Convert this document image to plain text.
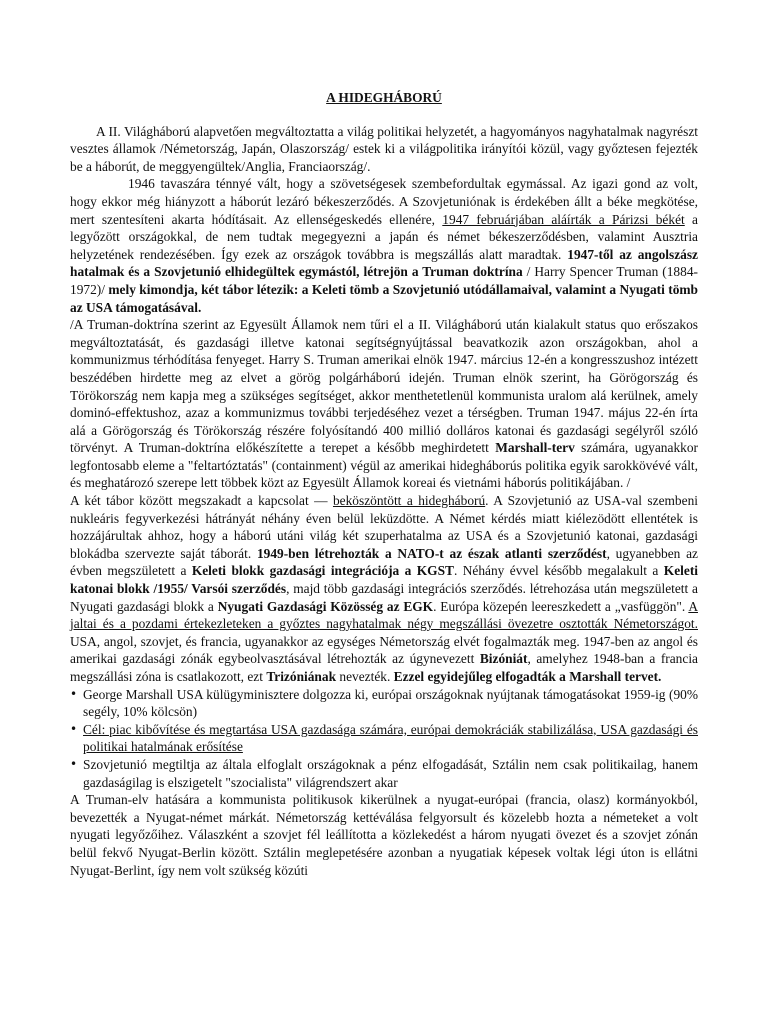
A HIDEGHÁBORÚ

A II. Világháború alapvetően megváltoztatta a világ politikai helyzetét, a hagyományos nagyhatalmak nagyrészt vesztes államok /Németország, Japán, Olaszország/ estek ki a világpolitika irányítói közül, vagy győztesen fejezték be a háborút, de meggyengültek/Anglia, Franciaország/.

1946 tavaszára ténnyé vált, hogy a szövetségesek szembefordultak egymással. Az igazi gond az volt, hogy ekkor még hiányzott a háborút lezáró békeszerződés. A Szovjetuniónak is érdekében állt a béke megkötése, mert szentesíteni akarta hódításait. Az ellenségeskedés ellenére, 1947 februárjában aláírták a Párizsi békét a legyőzött országokkal, de nem tudtak megegyezni a japán és német békeszerződésben, valamint Ausztria helyzetének rendezésében. Így ezek az országok továbbra is megszállás alatt maradtak. 1947-től az angolszász hatalmak és a Szovjetunió elhidegültek egymástól, létrejön a Truman doktrína / Harry Spencer Truman (1884-1972)/ mely kimondja, két tábor létezik: a Keleti tömb a Szovjetunió utódállamaival, valamint a Nyugati tömb az USA támogatásával.

/A Truman-doktrína szerint az Egyesült Államok nem tűri el a II. Világháború után kialakult status quo erőszakos megváltoztatását, és gazdasági illetve katonai segítségnyújtással beavatkozik azon országokban, ahol a kommunizmus térhódítása fenyeget. Harry S. Truman amerikai elnök 1947. március 12-én a kongresszushoz intézett beszédében hirdette meg az elvet a görög polgárháború idején. Truman elnök szerint, ha Görögország és Törökország nem kapja meg a szükséges segítséget, akkor menthetetlenül kommunista uralom alá kerülnek, amely dominó-effektushoz, azaz a kommunizmus további terjedéséhez vezet a térségben. Truman 1947. május 22-én írta alá a Görögország és Törökország részére folyósítandó 400 millió dolláros katonai és gazdasági segélyről szóló törvényt. A Truman-doktrína előkészítette a terepet a később meghirdetett Marshall-terv számára, ugyanakkor legfontosabb eleme a "feltartóztatás" (containment) végül az amerikai hidegháborús politika egyik sarokkövévé vált, és meghatározó szerepe lett többek közt az Egyesült Államok koreai és vietnámi háborús politikájában. /

A két tábor között megszakadt a kapcsolat — beköszöntött a hidegháború. A Szovjetunió az USA-val szembeni nukleáris fegyverkezési hátrányát néhány éven belül leküzdötte. A Német kérdés miatt kiélezödött ellentétek is hozzájárultak ahhoz, hogy a háború utáni világ két szuperhatalma az USA és a Szovjetunió katonai, gazdasági blokádba szervezte saját táborát. 1949-ben létrehozták a NATO-t az észak atlanti szerződést, ugyanebben az évben megszületett a Keleti blokk gazdasági integrációja a KGST. Néhány évvel később megalakult a Keleti katonai blokk /1955/ Varsói szerződés, majd több gazdasági integrációs szerződés. létrehozása után megszületett a Nyugati gazdasági blokk a Nyugati Gazdasági Közösség az EGK. Európa közepén leereszkedett a „vasfüggön". A jaltai és a pozdami értekezleteken a győztes nagyhatalmak négy megszállási övezetre osztották Németországot. USA, angol, szovjet, és francia, ugyanakkor az egységes Németország elvét fogalmazták meg. 1947-ben az angol és amerikai gazdasági zónák egybeolvasztásával létrehozták az úgynevezett Bizóniát, amelyhez 1948-ban a francia megszállási zóna is csatlakozott, ezt Trizóniának nevezték. Ezzel egyidejűleg elfogadták a Marshall tervet.

• George Marshall USA külügyminisztere dolgozza ki, európai országoknak nyújtanak támogatásokat 1959-ig (90% segély, 10% kölcsön)
• Cél: piac kibővítése és megtartása USA gazdasága számára, európai demokráciák stabilizálása, USA gazdasági és politikai hatalmának erősítése
• Szovjetunió megtiltja az általa elfoglalt országoknak a pénz elfogadását, Sztálin nem csak politikailag, hanem gazdaságilag is elszigetelt "szocialista" világrendszert akar

A Truman-elv hatására a kommunista politikusok kikerülnek a nyugat-európai (francia, olasz) kormányokból, bevezették a Nyugat-német márkát. Németország kettéválása felgyorsult és közelebb hozta a németeket a volt nyugati legyőzőihez. Válaszként a szovjet fél leállította a közlekedést a három nyugati övezet és a szovjet zónán belül fekvő Nyugat-Berlin között. Sztálin meglepetésére azonban a nyugatiak képesek voltak légi úton is ellátni Nyugat-Berlint, így nem volt szükség közúti
